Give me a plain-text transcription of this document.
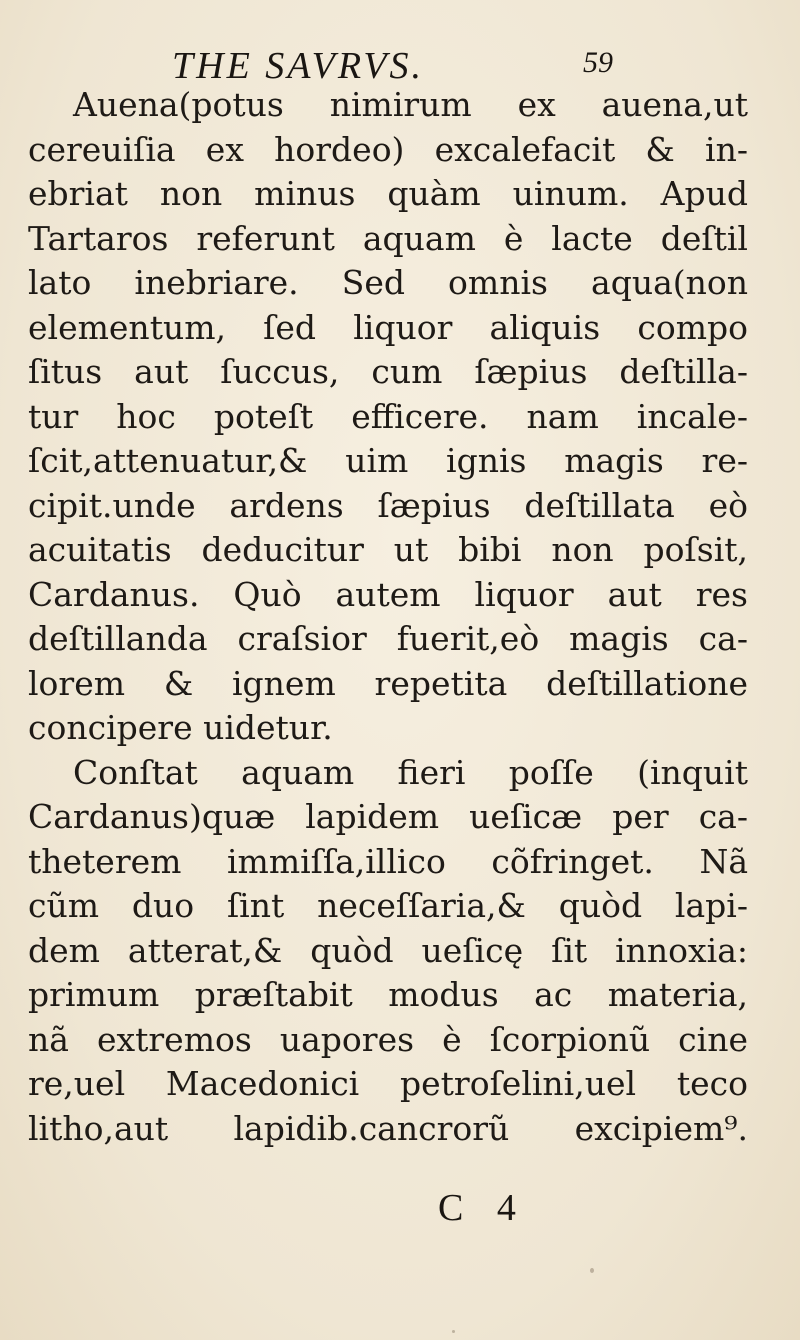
THE SAVRVS.	59
Auena(potus nimirum ex auena,ut
cereuiſia ex hordeo) excalefacit & in-
ebriat non minus quàm uinum. Apud
Tartaros referunt aquam è lacte deſtil
lato inebriare. Sed omnis aqua(non
elementum, ſed liquor aliquis compo
ſitus aut ſuccus, cum ſæpius deſtilla-
tur hoc poteſt efficere. nam incale-
ſcit,attenuatur,& uim ignis magis re-
cipit.unde ardens ſæpius deſtillata eò
acuitatis deducitur ut bibi non poſsit,
Cardanus. Quò autem liquor aut res
deſtillanda craſsior fuerit,eò magis ca-
lorem & ignem repetita deſtillatione
concipere uidetur.
Conſtat aquam fieri poſſe (inquit
Cardanus)quæ lapidem ueſicæ per ca-
theterem immiſſa,illico cõfringet. Nã
cũm duo ſint neceſſaria,& quòd lapi-
dem atterat,& quòd ueſicę ſit innoxia:
primum præſtabit modus ac materia,
nã extremos uapores è ſcorpionũ cine
re,uel Macedonici petroſelini,uel teco
litho,aut lapidib.cancrorũ excipiem⁹.
C 4
